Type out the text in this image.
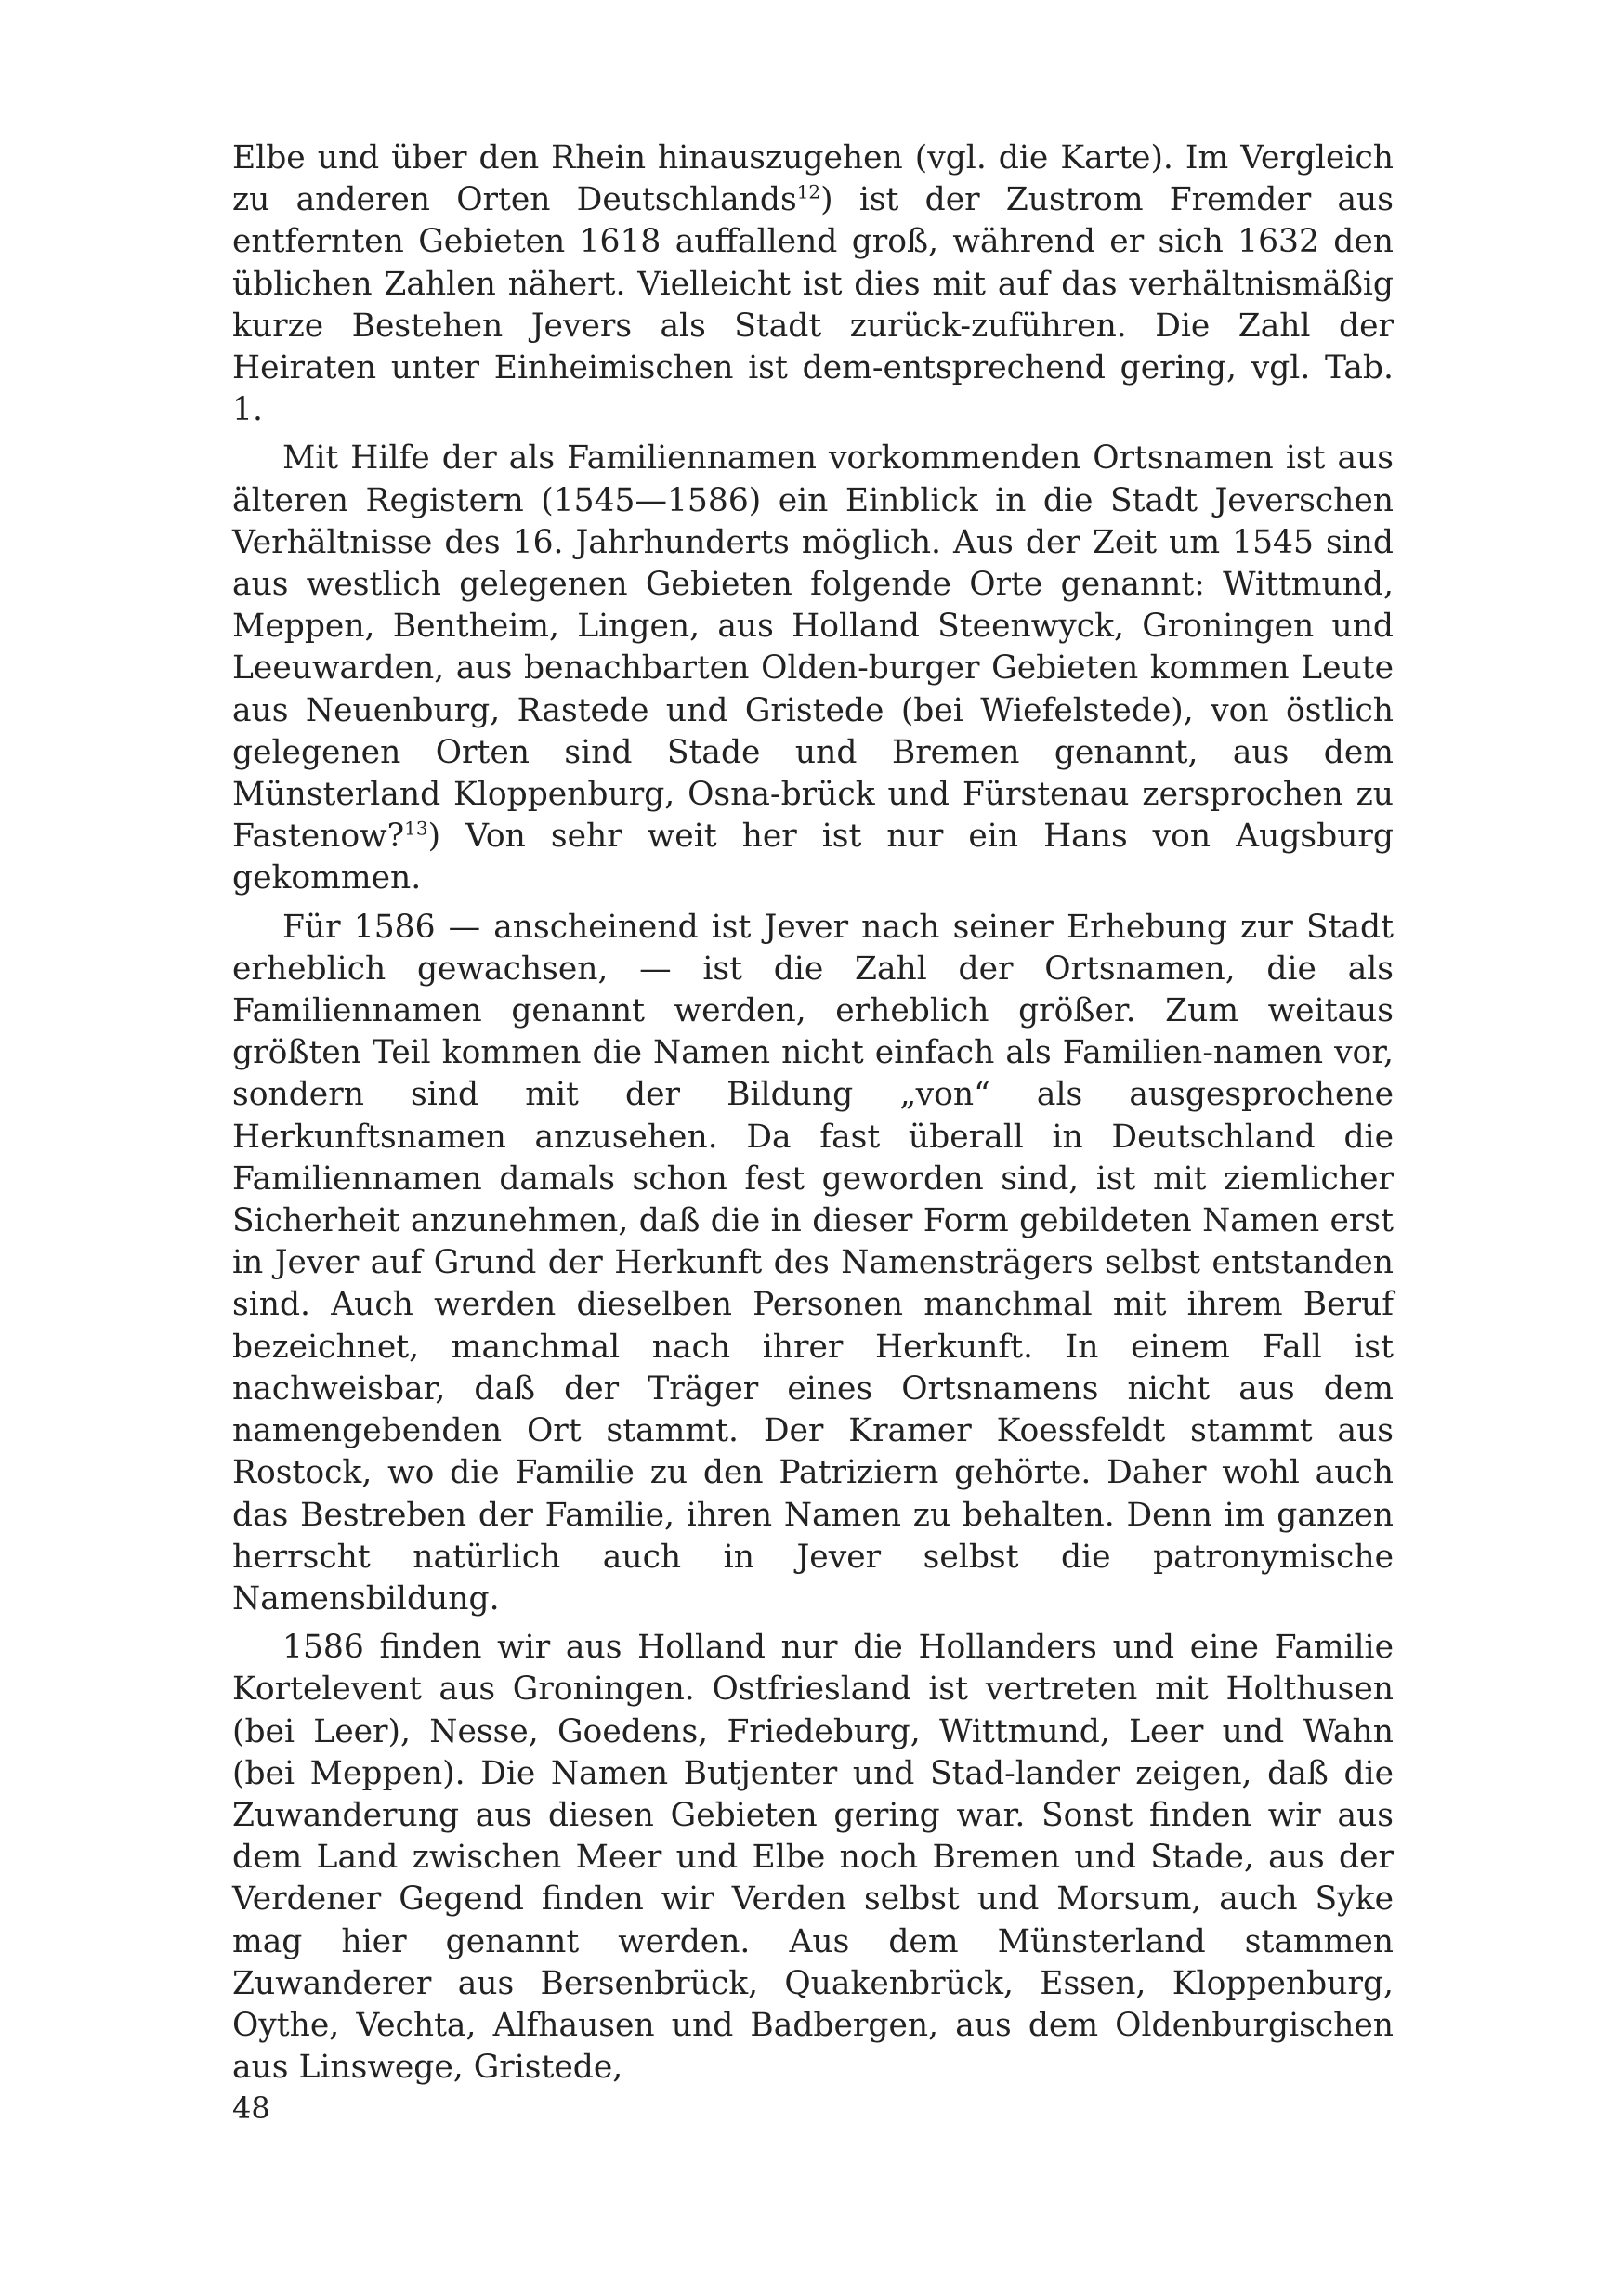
Elbe und über den Rhein hinauszugehen (vgl. die Karte). Im Vergleich zu anderen Orten Deutschlands$^{12}$) ist der Zustrom Fremder aus entfernten Gebieten 1618 auffallend groß, während er sich 1632 den üblichen Zahlen nähert. Vielleicht ist dies mit auf das verhältnismäßig kurze Bestehen Jevers als Stadt zurück-zuführen. Die Zahl der Heiraten unter Einheimischen ist dem-entsprechend gering, vgl. Tab. 1.

Mit Hilfe der als Familiennamen vorkommenden Ortsnamen ist aus älteren Registern (1545—1586) ein Einblick in die Stadt Jeverschen Verhältnisse des 16. Jahrhunderts möglich. Aus der Zeit um 1545 sind aus westlich gelegenen Gebieten folgende Orte genannt: Wittmund, Meppen, Bentheim, Lingen, aus Holland Steenwyck, Groningen und Leeuwarden, aus benachbarten Olden-burger Gebieten kommen Leute aus Neuenburg, Rastede und Gristede (bei Wiefelstede), von östlich gelegenen Orten sind Stade und Bremen genannt, aus dem Münsterland Kloppenburg, Osna-brück und Fürstenau zersprochen zu Fastenow?$^{13}$) Von sehr weit her ist nur ein Hans von Augsburg gekommen.

Für 1586 — anscheinend ist Jever nach seiner Erhebung zur Stadt erheblich gewachsen, — ist die Zahl der Ortsnamen, die als Familiennamen genannt werden, erheblich größer. Zum weitaus größten Teil kommen die Namen nicht einfach als Familien-namen vor, sondern sind mit der Bildung „von“ als ausgesprochene Herkunftsnamen anzusehen. Da fast überall in Deutschland die Familiennamen damals schon fest geworden sind, ist mit ziemlicher Sicherheit anzunehmen, daß die in dieser Form gebildeten Namen erst in Jever auf Grund der Herkunft des Namensträgers selbst entstanden sind. Auch werden dieselben Personen manchmal mit ihrem Beruf bezeichnet, manchmal nach ihrer Herkunft. In einem Fall ist nachweisbar, daß der Träger eines Ortsnamens nicht aus dem namengebenden Ort stammt. Der Kramer Koessfeldt stammt aus Rostock, wo die Familie zu den Patriziern gehörte. Daher wohl auch das Bestreben der Familie, ihren Namen zu behalten. Denn im ganzen herrscht natürlich auch in Jever selbst die patronymische Namensbildung.

1586 finden wir aus Holland nur die Hollanders und eine Familie Kortelevent aus Groningen. Ostfriesland ist vertreten mit Holthusen (bei Leer), Nesse, Goedens, Friedeburg, Wittmund, Leer und Wahn (bei Meppen). Die Namen Butjenter und Stad-lander zeigen, daß die Zuwanderung aus diesen Gebieten gering war. Sonst finden wir aus dem Land zwischen Meer und Elbe noch Bremen und Stade, aus der Verdener Gegend finden wir Verden selbst und Morsum, auch Syke mag hier genannt werden. Aus dem Münsterland stammen Zuwanderer aus Bersenbrück, Quakenbrück, Essen, Kloppenburg, Oythe, Vechta, Alfhausen und Badbergen, aus dem Oldenburgischen aus Linswege, Gristede,

48
